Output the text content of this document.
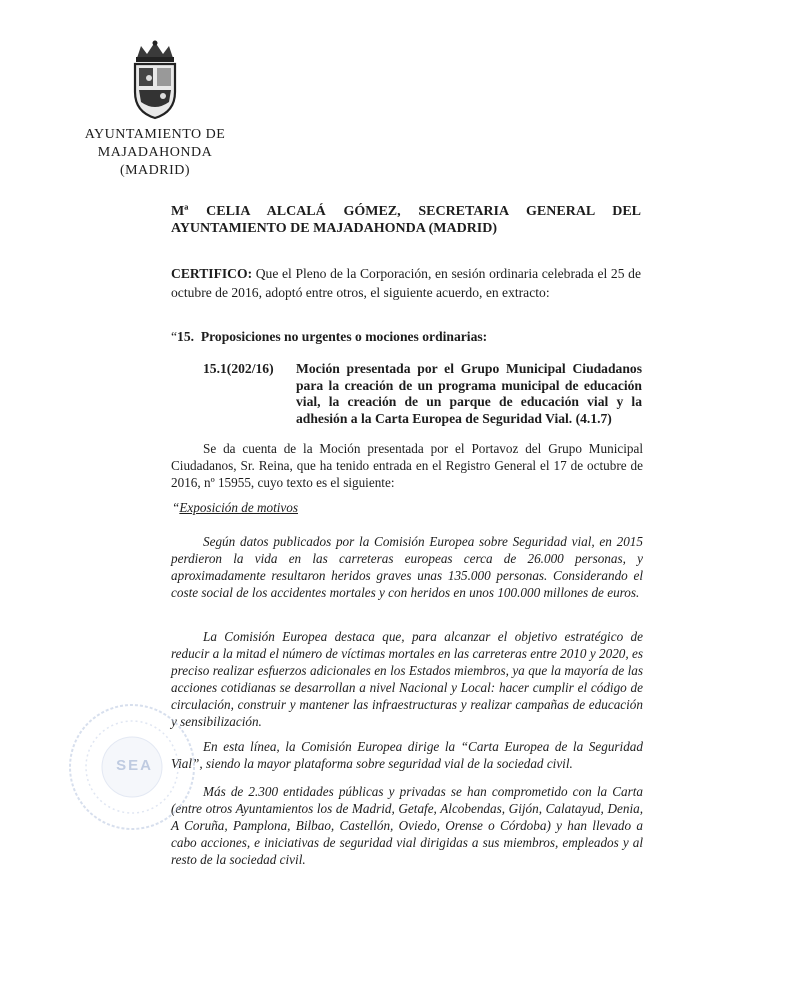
AYUNTAMIENTO DE
MAJADAHONDA
(MADRID)
Mª CELIA ALCALÁ GÓMEZ, SECRETARIA GENERAL DEL
AYUNTAMIENTO DE MAJADAHONDA (MADRID)
CERTIFICO: Que el Pleno de la Corporación, en sesión ordinaria celebrada el 25 de octubre de 2016, adoptó entre otros, el siguiente acuerdo, en extracto:
“15. Proposiciones no urgentes o mociones ordinarias:
15.1(202/16) Moción presentada por el Grupo Municipal Ciudadanos para la creación de un programa municipal de educación vial, la creación de un parque de educación vial y la adhesión a la Carta Europea de Seguridad Vial. (4.1.7)
Se da cuenta de la Moción presentada por el Portavoz del Grupo Municipal Ciudadanos, Sr. Reina, que ha tenido entrada en el Registro General el 17 de octubre de 2016, nº 15955, cuyo texto es el siguiente:
“Exposición de motivos
Según datos publicados por la Comisión Europea sobre Seguridad vial, en 2015 perdieron la vida en las carreteras europeas cerca de 26.000 personas, y aproximadamente resultaron heridos graves unas 135.000 personas. Considerando el coste social de los accidentes mortales y con heridos en unos 100.000 millones de euros.
La Comisión Europea destaca que, para alcanzar el objetivo estratégico de reducir a la mitad el número de víctimas mortales en las carreteras entre 2010 y 2020, es preciso realizar esfuerzos adicionales en los Estados miembros, ya que la mayoría de las acciones cotidianas se desarrollan a nivel Nacional y Local: hacer cumplir el código de circulación, construir y mantener las infraestructuras y realizar campañas de educación y sensibilización.
En esta línea, la Comisión Europea dirige la “Carta Europea de la Seguridad Vial”, siendo la mayor plataforma sobre seguridad vial de la sociedad civil.
Más de 2.300 entidades públicas y privadas se han comprometido con la Carta (entre otros Ayuntamientos los de Madrid, Getafe, Alcobendas, Gijón, Calatayud, Denia, A Coruña, Pamplona, Bilbao, Castellón, Oviedo, Orense o Córdoba) y han llevado a cabo acciones, e iniciativas de seguridad vial dirigidas a sus miembros, empleados y al resto de la sociedad civil.
SEA
